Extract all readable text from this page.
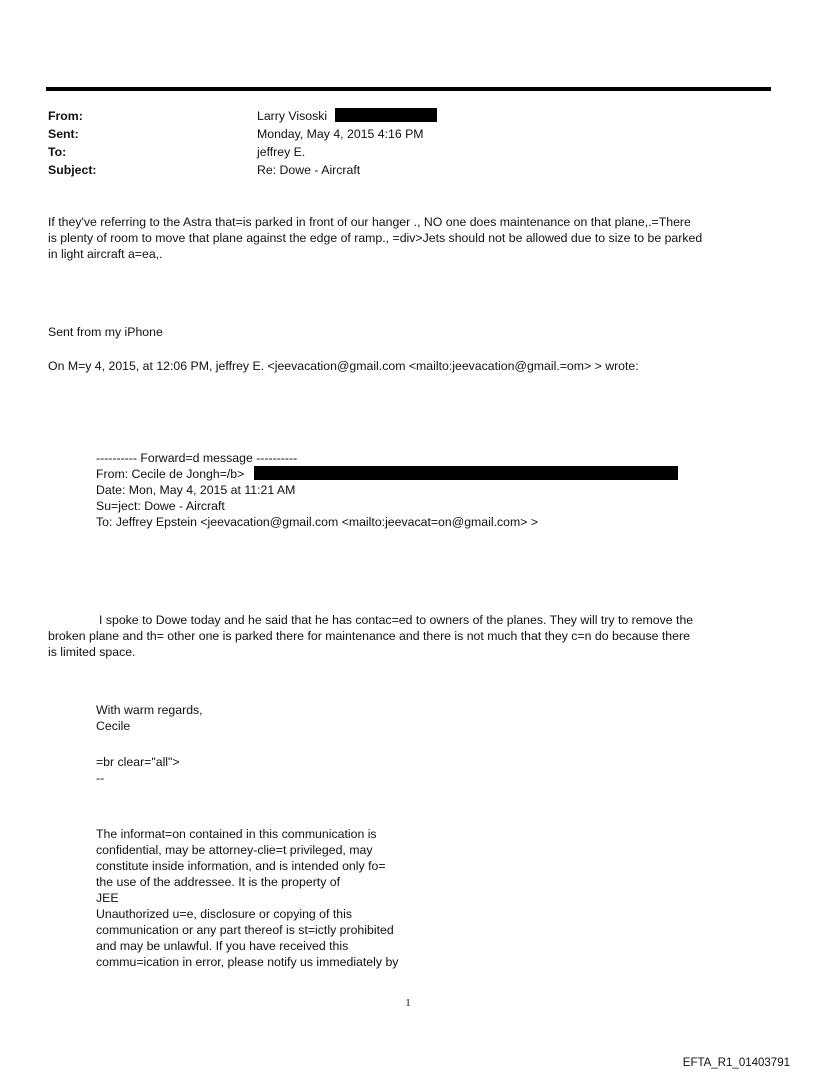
From:	Larry Visoski
Sent:	Monday, May 4, 2015 4:16 PM
To:	jeffrey E.
Subject:	Re: Dowe - Aircraft
If they've referring to the Astra that=is parked in front of our hanger ., NO one does maintenance on that plane,.=There
is plenty of room to move that plane against the edge of ramp., =div>Jets should not be allowed due to size to be parked
in light aircraft a=ea,.
Sent from my iPhone
On M=y 4, 2015, at 12:06 PM, jeffrey E. <jeevacation@gmail.com <mailto:jeevacation@gmail.=om> > wrote:
---------- Forward=d message ----------
From: Cecile de Jongh=/b>
Date: Mon, May 4, 2015 at 11:21 AM
Su=ject: Dowe - Aircraft
To: Jeffrey Epstein <jeevacation@gmail.com <mailto:jeevacat=on@gmail.com> >
I spoke to Dowe today and he said that he has contac=ed to owners of the planes. They will try to remove the
broken plane and th= other one is parked there for maintenance and there is not much that they c=n do because there
is limited space.
With warm regards,
Cecile
=br clear="all">
--
The informat=on contained in this communication is
confidential, may be attorney-clie=t privileged, may
constitute inside information, and is intended only fo=
the use of the addressee. It is the property of
JEE
Unauthorized u=e, disclosure or copying of this
communication or any part thereof is st=ictly prohibited
and may be unlawful. If you have received this
commu=ication in error, please notify us immediately by
1
EFTA_R1_01403791
